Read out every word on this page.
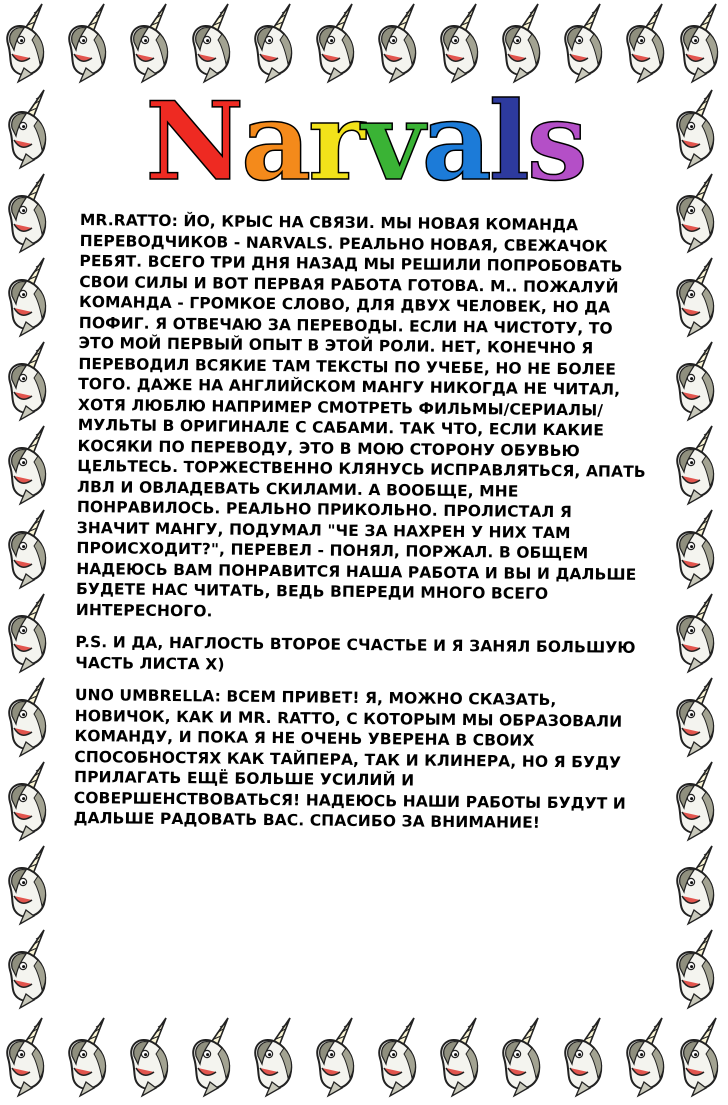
Narvals

MR.RATTO: ЙО, КРЫС НА СВЯЗИ. МЫ НОВАЯ КОМАНДА ПЕРЕВОДЧИКОВ - NARVALS. РЕАЛЬНО НОВАЯ, СВЕЖАЧОК РЕБЯТ. ВСЕГО ТРИ ДНЯ НАЗАД МЫ РЕШИЛИ ПОПРОБОВАТЬ СВОИ СИЛЫ И ВОТ ПЕРВАЯ РАБОТА ГОТОВА. М.. ПОЖАЛУЙ КОМАНДА - ГРОМКОЕ СЛОВО, ДЛЯ ДВУХ ЧЕЛОВЕК, НО ДА ПОФИГ. Я ОТВЕЧАЮ ЗА ПЕРЕВОДЫ. ЕСЛИ НА ЧИСТОТУ, ТО ЭТО МОЙ ПЕРВЫЙ ОПЫТ В ЭТОЙ РОЛИ. НЕТ, КОНЕЧНО Я ПЕРЕВОДИЛ ВСЯКИЕ ТАМ ТЕКСТЫ ПО УЧЕБЕ, НО НЕ БОЛЕЕ ТОГО. ДАЖЕ НА АНГЛИЙСКОМ МАНГУ НИКОГДА НЕ ЧИТАЛ, ХОТЯ ЛЮБЛЮ НАПРИМЕР СМОТРЕТЬ ФИЛЬМЫ/СЕРИАЛЫ/МУЛЬТЫ В ОРИГИНАЛЕ С САБАМИ. ТАК ЧТО, ЕСЛИ КАКИЕ КОСЯКИ ПО ПЕРЕВОДУ, ЭТО В МОЮ СТОРОНУ ОБУВЬЮ ЦЕЛЬТЕСЬ. ТОРЖЕСТВЕННО КЛЯНУСЬ ИСПРАВЛЯТЬСЯ, АПАТЬ ЛВЛ И ОВЛАДЕВАТЬ СКИЛАМИ. А ВООБЩЕ, МНЕ ПОНРАВИЛОСЬ. РЕАЛЬНО ПРИКОЛЬНО. ПРОЛИСТАЛ Я ЗНАЧИТ МАНГУ, ПОДУМАЛ "ЧЕ ЗА НАХРЕН У НИХ ТАМ ПРОИСХОДИТ?", ПЕРЕВЕЛ - ПОНЯЛ, ПОРЖАЛ. В ОБЩЕМ НАДЕЮСЬ ВАМ ПОНРАВИТСЯ НАША РАБОТА И ВЫ И ДАЛЬШЕ БУДЕТЕ НАС ЧИТАТЬ, ВЕДЬ ВПЕРЕДИ МНОГО ВСЕГО ИНТЕРЕСНОГО.

P.S. И ДА, НАГЛОСТЬ ВТОРОЕ СЧАСТЬЕ И Я ЗАНЯЛ БОЛЬШУЮ ЧАСТЬ ЛИСТА X)

UNO UMBRELLA: ВСЕМ ПРИВЕТ! Я, МОЖНО СКАЗАТЬ, НОВИЧОК, КАК И MR. RATTO, С КОТОРЫМ МЫ ОБРАЗОВАЛИ КОМАНДУ, И ПОКА Я НЕ ОЧЕНЬ УВЕРЕНА В СВОИХ СПОСОБНОСТЯХ КАК ТАЙПЕРА, ТАК И КЛИНЕРА, НО Я БУДУ ПРИЛАГАТЬ ЕЩЁ БОЛЬШЕ УСИЛИЙ И СОВЕРШЕНСТВОВАТЬСЯ! НАДЕЮСЬ НАШИ РАБОТЫ БУДУТ И ДАЛЬШЕ РАДОВАТЬ ВАС. СПАСИБО ЗА ВНИМАНИЕ!
